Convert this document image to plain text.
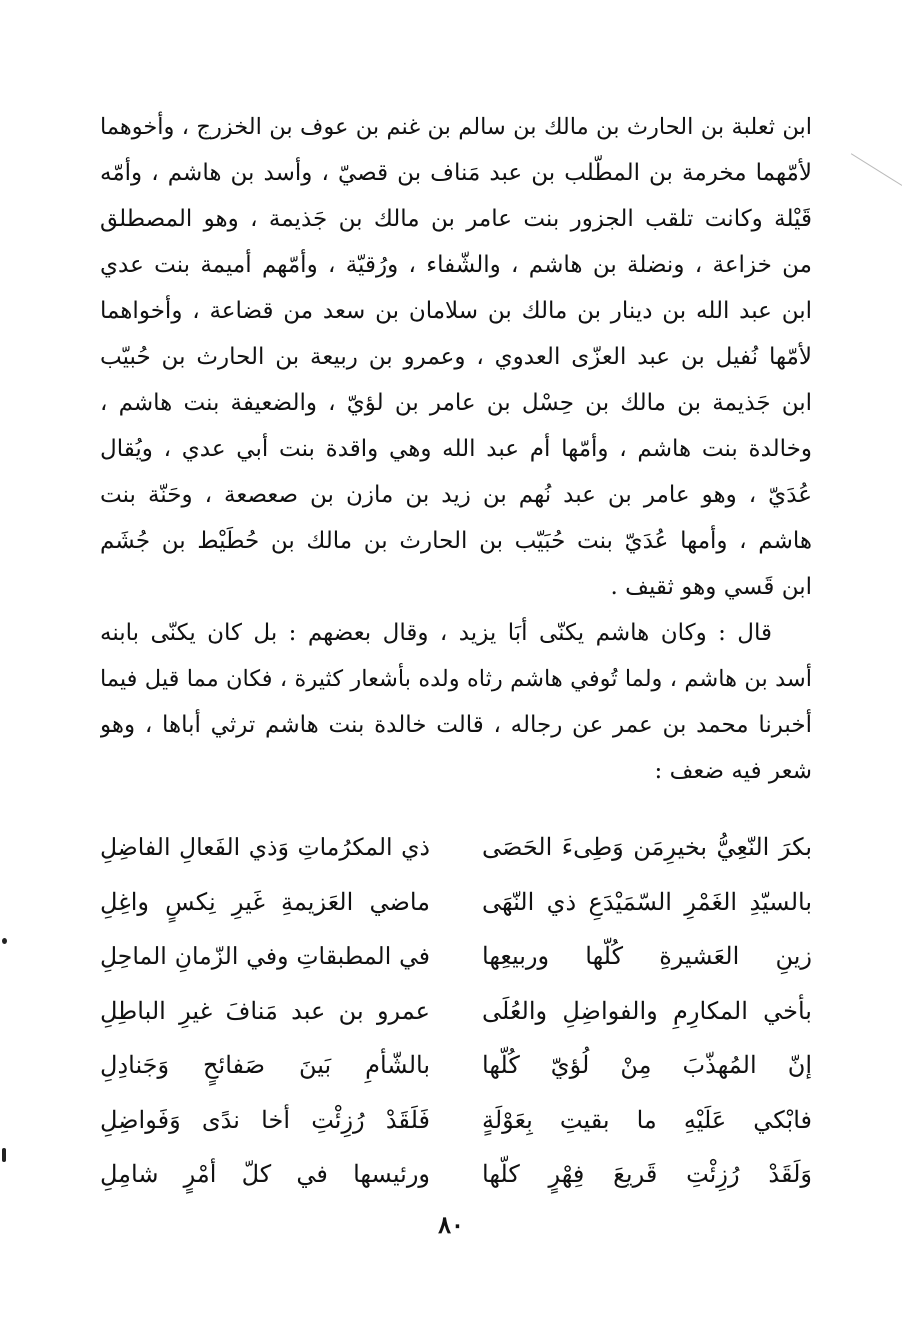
ابن ثعلبة بن الحارث بن مالك بن سالم بن غنم بن عوف بن الخزرج ، وأخوهما
لأمّهما مخرمة بن المطّلب بن عبد مَناف بن قصيّ ، وأسد بن هاشم ، وأمّه
قَيْلة وكانت تلقب الجزور بنت عامر بن مالك بن جَذيمة ، وهو المصطلق
من خزاعة ، ونضلة بن هاشم ، والشّفاء ، ورُقيّة ، وأمّهم أميمة بنت عدي
ابن عبد الله بن دينار بن مالك بن سلامان بن سعد من قضاعة ، وأخواهما
لأمّها نُفيل بن عبد العزّى العدوي ، وعمرو بن ربيعة بن الحارث بن حُبيّب
ابن جَذيمة بن مالك بن حِسْل بن عامر بن لؤيّ ، والضعيفة بنت هاشم ،
وخالدة بنت هاشم ، وأمّها أم عبد الله وهي واقدة بنت أبي عدي ، ويُقال
عُدَيّ ، وهو عامر بن عبد نُهم بن زيد بن مازن بن صعصعة ، وحَنّة بنت
هاشم ، وأمها عُدَيّ بنت حُبَيّب بن الحارث بن مالك بن حُطَيْط بن جُشَم
ابن قَسي وهو ثقيف .
قال : وكان هاشم يكنّى أبَا يزيد ، وقال بعضهم : بل كان يكنّى بابنه
أسد بن هاشم ، ولما تُوفي هاشم رثاه ولده بأشعار كثيرة ، فكان مما قيل فيما
أخبرنا محمد بن عمر عن رجاله ، قالت خالدة بنت هاشم ترثي أباها ، وهو
شعر فيه ضعف :
بكرَ النّعِيُّ بخيرِمَن وَطِىءَ الحَصَى
ذي المكرُماتِ وَذي الفَعالِ الفاضِلِ
بالسيّدِ الغَمْرِ السّمَيْدَعِ ذي النّهَى
ماضي العَزيمةِ غَيرِ نِكسٍ واغِلِ
زينِ العَشيرةِ كُلّها وربيعِها
في المطبقاتِ وفي الزّمانِ الماحِلِ
بأخي المكارِمِ والفواضِلِ والعُلَى
عمرو بن عبد مَنافَ غيرِ الباطِلِ
إنّ المُهذّبَ مِنْ لُؤيّ كُلّها
بالشّأمِ بَينَ صَفائحٍ وَجَنادِلِ
فابْكي عَلَيْهِ ما بقيتِ بِعَوْلَةٍ
فَلَقَدْ رُزِئْتِ أخا ندًى وَفَواضِلِ
وَلَقَدْ رُزِئْتِ قَريعَ فِهْرٍ كلّها
ورئيسها في كلّ أمْرٍ شامِلِ
٨٠
